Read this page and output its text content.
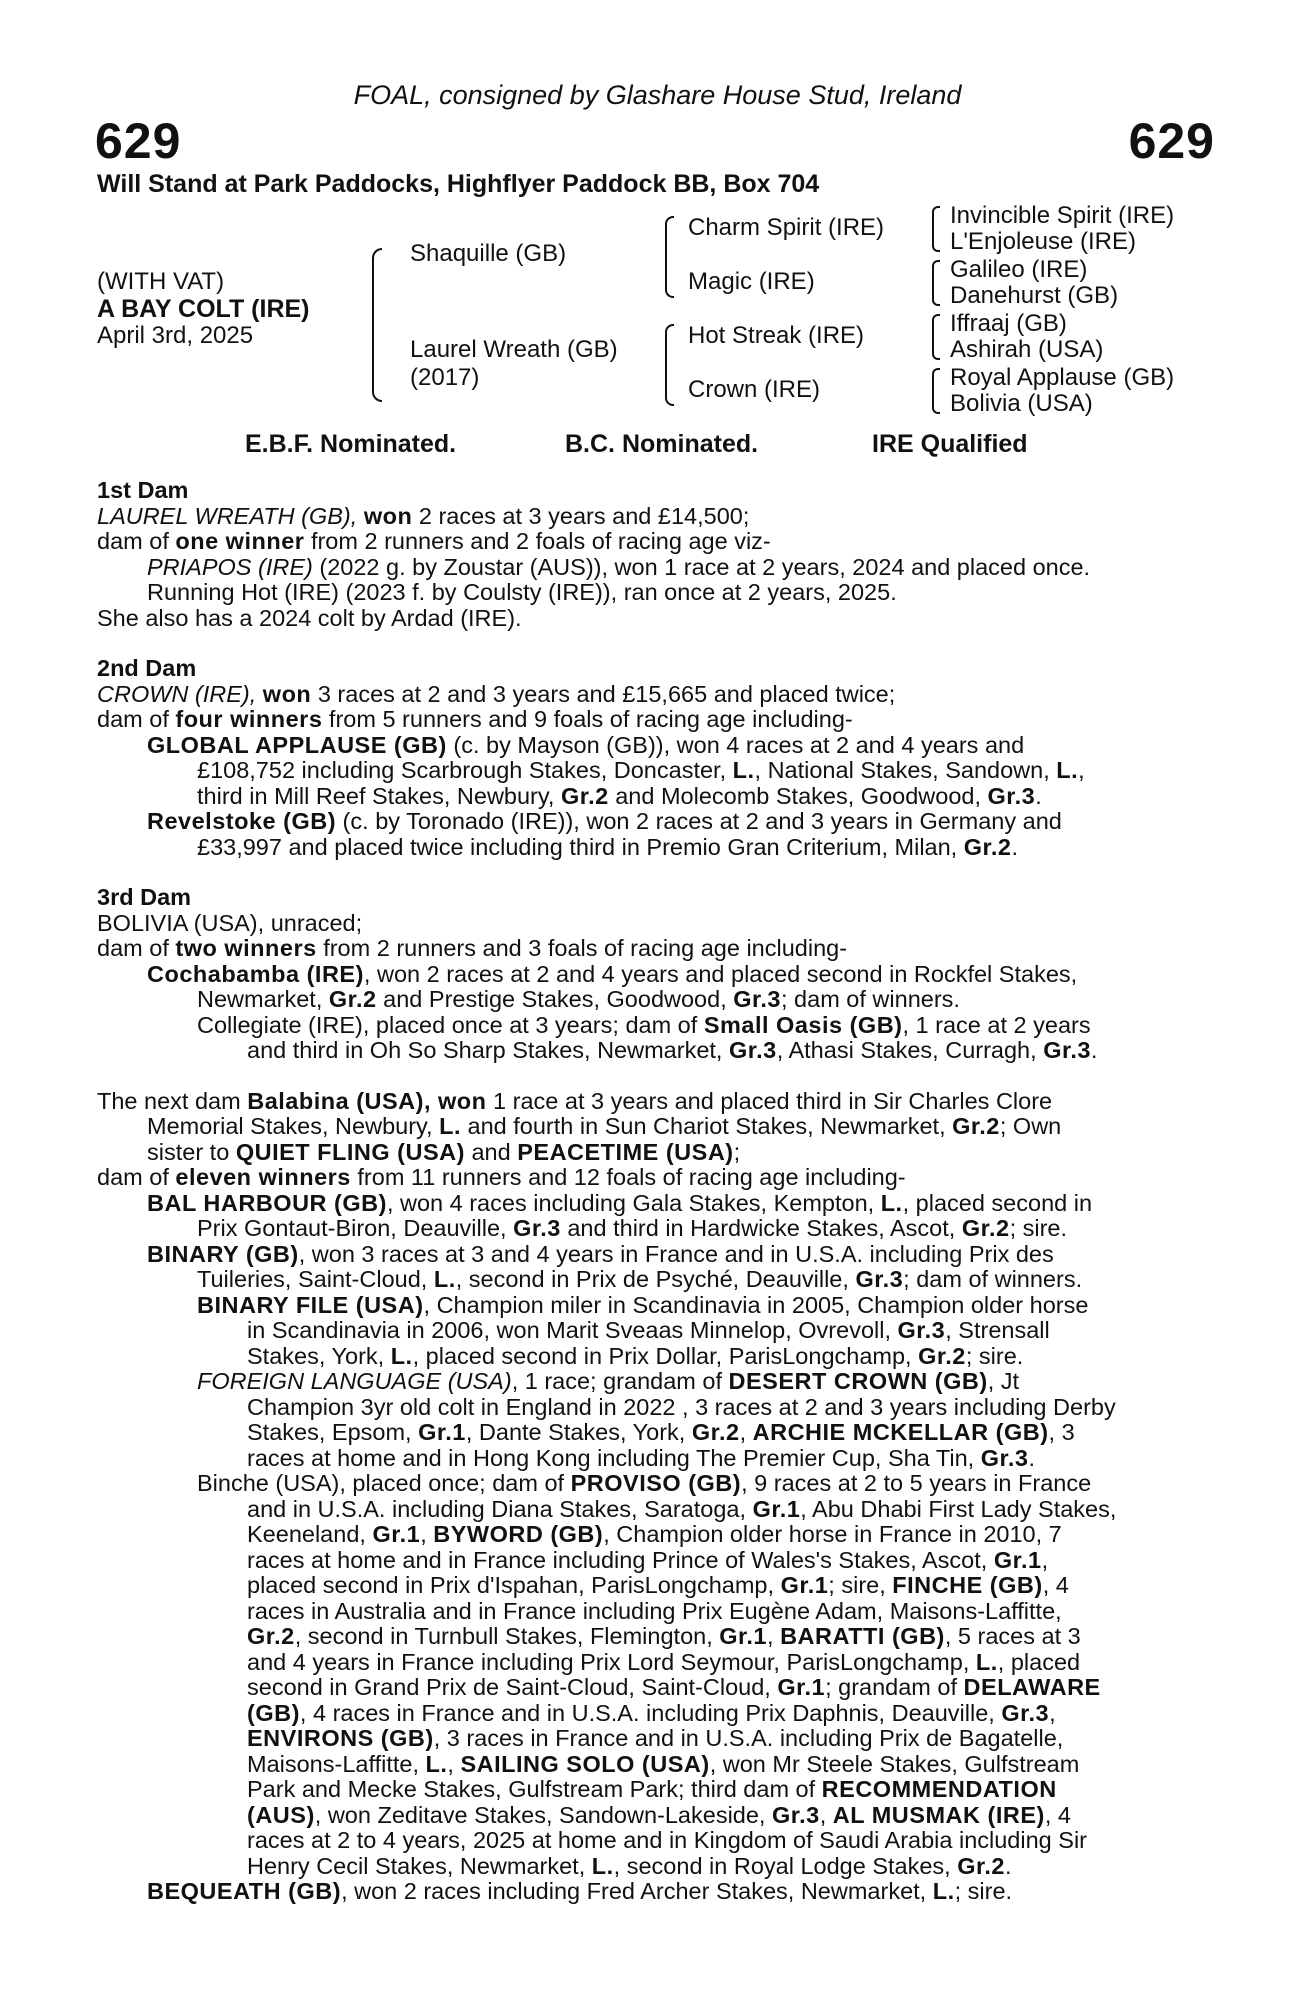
FOAL, consigned by Glashare House Stud, Ireland
629	629
Will Stand at Park Paddocks, Highflyer Paddock BB, Box 704
(WITH VAT)
A BAY COLT (IRE)
April 3rd, 2025
Shaquille (GB)
Laurel Wreath (GB)
(2017)
Charm Spirit (IRE)
Magic (IRE)
Hot Streak (IRE)
Crown (IRE)
Invincible Spirit (IRE)
L'Enjoleuse (IRE)
Galileo (IRE)
Danehurst (GB)
Iffraaj (GB)
Ashirah (USA)
Royal Applause (GB)
Bolivia (USA)
E.B.F. Nominated.	B.C. Nominated.	IRE Qualified
1st Dam
LAUREL WREATH (GB), won 2 races at 3 years and £14,500;
dam of one winner from 2 runners and 2 foals of racing age viz-
PRIAPOS (IRE) (2022 g. by Zoustar (AUS)), won 1 race at 2 years, 2024 and placed once.
Running Hot (IRE) (2023 f. by Coulsty (IRE)), ran once at 2 years, 2025.
She also has a 2024 colt by Ardad (IRE).
2nd Dam
CROWN (IRE), won 3 races at 2 and 3 years and £15,665 and placed twice;
dam of four winners from 5 runners and 9 foals of racing age including-
GLOBAL APPLAUSE (GB) (c. by Mayson (GB)), won 4 races at 2 and 4 years and
£108,752 including Scarbrough Stakes, Doncaster, L., National Stakes, Sandown, L.,
third in Mill Reef Stakes, Newbury, Gr.2 and Molecomb Stakes, Goodwood, Gr.3.
Revelstoke (GB) (c. by Toronado (IRE)), won 2 races at 2 and 3 years in Germany and
£33,997 and placed twice including third in Premio Gran Criterium, Milan, Gr.2.
3rd Dam
BOLIVIA (USA), unraced;
dam of two winners from 2 runners and 3 foals of racing age including-
Cochabamba (IRE), won 2 races at 2 and 4 years and placed second in Rockfel Stakes,
Newmarket, Gr.2 and Prestige Stakes, Goodwood, Gr.3; dam of winners.
Collegiate (IRE), placed once at 3 years; dam of Small Oasis (GB), 1 race at 2 years
and third in Oh So Sharp Stakes, Newmarket, Gr.3, Athasi Stakes, Curragh, Gr.3.
The next dam Balabina (USA), won 1 race at 3 years and placed third in Sir Charles Clore
Memorial Stakes, Newbury, L. and fourth in Sun Chariot Stakes, Newmarket, Gr.2; Own
sister to QUIET FLING (USA) and PEACETIME (USA);
dam of eleven winners from 11 runners and 12 foals of racing age including-
BAL HARBOUR (GB), won 4 races including Gala Stakes, Kempton, L., placed second in
Prix Gontaut-Biron, Deauville, Gr.3 and third in Hardwicke Stakes, Ascot, Gr.2; sire.
BINARY (GB), won 3 races at 3 and 4 years in France and in U.S.A. including Prix des
Tuileries, Saint-Cloud, L., second in Prix de Psyché, Deauville, Gr.3; dam of winners.
BINARY FILE (USA), Champion miler in Scandinavia in 2005, Champion older horse
in Scandinavia in 2006, won Marit Sveaas Minnelop, Ovrevoll, Gr.3, Strensall
Stakes, York, L., placed second in Prix Dollar, ParisLongchamp, Gr.2; sire.
FOREIGN LANGUAGE (USA), 1 race; grandam of DESERT CROWN (GB), Jt
Champion 3yr old colt in England in 2022 , 3 races at 2 and 3 years including Derby
Stakes, Epsom, Gr.1, Dante Stakes, York, Gr.2, ARCHIE MCKELLAR (GB), 3
races at home and in Hong Kong including The Premier Cup, Sha Tin, Gr.3.
Binche (USA), placed once; dam of PROVISO (GB), 9 races at 2 to 5 years in France
and in U.S.A. including Diana Stakes, Saratoga, Gr.1, Abu Dhabi First Lady Stakes,
Keeneland, Gr.1, BYWORD (GB), Champion older horse in France in 2010, 7
races at home and in France including Prince of Wales's Stakes, Ascot, Gr.1,
placed second in Prix d'Ispahan, ParisLongchamp, Gr.1; sire, FINCHE (GB), 4
races in Australia and in France including Prix Eugène Adam, Maisons-Laffitte,
Gr.2, second in Turnbull Stakes, Flemington, Gr.1, BARATTI (GB), 5 races at 3
and 4 years in France including Prix Lord Seymour, ParisLongchamp, L., placed
second in Grand Prix de Saint-Cloud, Saint-Cloud, Gr.1; grandam of DELAWARE
(GB), 4 races in France and in U.S.A. including Prix Daphnis, Deauville, Gr.3,
ENVIRONS (GB), 3 races in France and in U.S.A. including Prix de Bagatelle,
Maisons-Laffitte, L., SAILING SOLO (USA), won Mr Steele Stakes, Gulfstream
Park and Mecke Stakes, Gulfstream Park; third dam of RECOMMENDATION
(AUS), won Zeditave Stakes, Sandown-Lakeside, Gr.3, AL MUSMAK (IRE), 4
races at 2 to 4 years, 2025 at home and in Kingdom of Saudi Arabia including Sir
Henry Cecil Stakes, Newmarket, L., second in Royal Lodge Stakes, Gr.2.
BEQUEATH (GB), won 2 races including Fred Archer Stakes, Newmarket, L.; sire.
